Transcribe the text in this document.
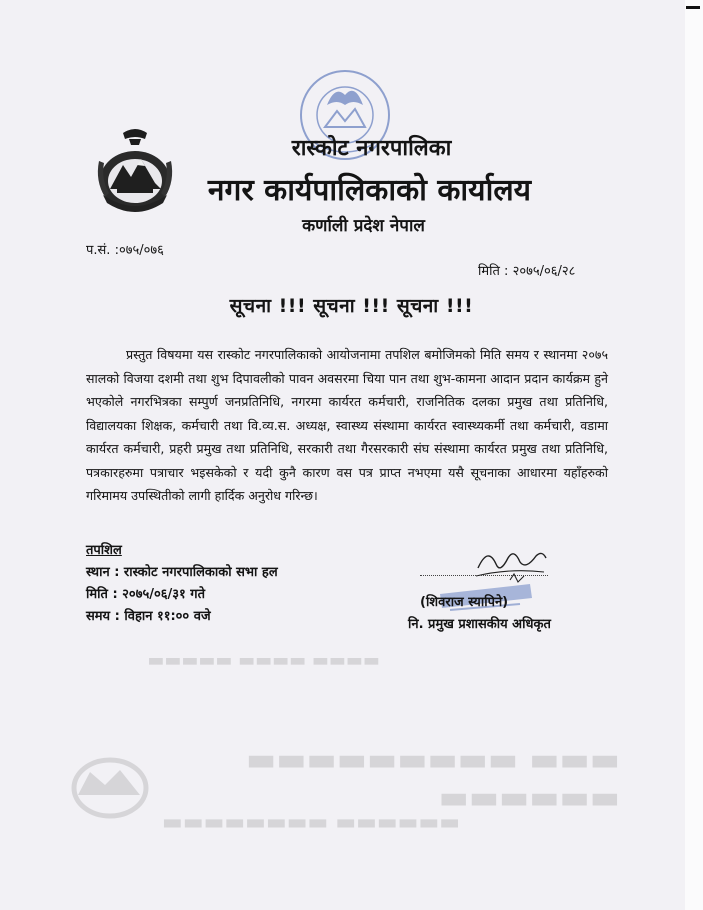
▬▬▬▬ ▬▬▬▬ ▬▬▬▬▬
▬▬▬ ▬▬▬▬▬▬▬▬▬ ▬▬▬▬▬▬
▬▬▬▬▬▬ ▬▬▬▬▬▬▬▬
रास्कोट नगरपालिका
नगर कार्यपालिकाको कार्यालय
कर्णाली प्रदेश नेपाल
प.सं. :०७५/०७६
मिति : २०७५/०६/२८
सूचना !!! सूचना !!! सूचना !!!
प्रस्तुत विषयमा यस रास्कोट नगरपालिकाको आयोजनामा तपशिल बमोजिमको मिति समय र स्थानमा २०७५ सालको विजया दशमी तथा शुभ दिपावलीको पावन अवसरमा चिया पान तथा शुभ-कामना आदान प्रदान कार्यक्रम हुने भएकोले नगरभित्रका सम्पुर्ण जनप्रतिनिधि, नगरमा कार्यरत कर्मचारी, राजनितिक दलका प्रमुख तथा प्रतिनिधि, विद्यालयका शिक्षक, कर्मचारी तथा वि.व्य.स. अध्यक्ष, स्वास्थ्य संस्थामा कार्यरत स्वास्थ्यकर्मी तथा कर्मचारी, वडामा कार्यरत कर्मचारी, प्रहरी प्रमुख तथा प्रतिनिधि, सरकारी तथा गैरसरकारी संघ संस्थामा कार्यरत प्रमुख तथा प्रतिनिधि, पत्रकारहरुमा पत्राचार भइसकेको र यदी कुनै कारण वस पत्र प्राप्त नभएमा यसै सूचनाका आधारमा यहाँहरुको गरिमामय उपस्थितीको लागी हार्दिक अनुरोध गरिन्छ।
तपशिल
स्थान : रास्कोट नगरपालिकाको सभा हल
मिति : २०७५/०६/३१ गते
समय : विहान ११:०० वजे
(शिवराज स्यापिने)
नि. प्रमुख प्रशासकीय अधिकृत
